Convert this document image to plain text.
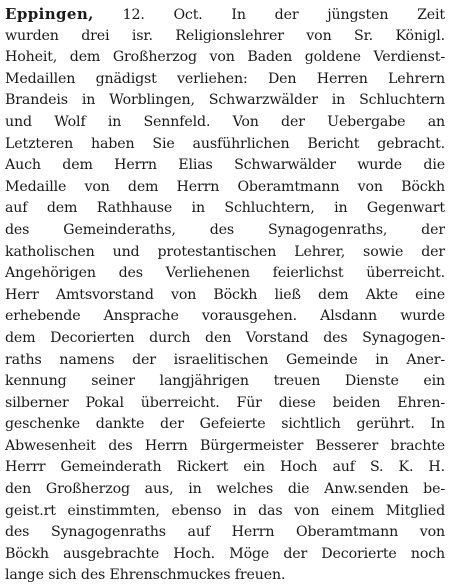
Eppingen, 12. Oct. In der jüngsten Zeit
wurden drei isr. Religionslehrer von Sr. Königl.
Hoheit, dem Großherzog von Baden goldene Verdienst-
Medaillen gnädigst verliehen: Den Herren Lehrern
Brandeis in Worblingen, Schwarzwälder in Schluchtern
und Wolf in Sennfeld. Von der Uebergabe an
Letzteren haben Sie ausführlichen Bericht gebracht.
Auch dem Herrn Elias Schwarwälder wurde die
Medaille von dem Herrn Oberamtmann von Böckh
auf dem Rathhause in Schluchtern, in Gegenwart
des Gemeinderaths, des Synagogenraths, der
katholischen und protestantischen Lehrer, sowie der
Angehörigen des Verliehenen feierlichst überreicht.
Herr Amtsvorstand von Böckh ließ dem Akte eine
erhebende Ansprache vorausgehen. Alsdann wurde
dem Decorierten durch den Vorstand des Synagogen-
raths namens der israelitischen Gemeinde in Aner-
kennung seiner langjährigen treuen Dienste ein
silberner Pokal überreicht. Für diese beiden Ehren-
geschenke dankte der Gefeierte sichtlich gerührt. In
Abwesenheit des Herrn Bürgermeister Besserer brachte
Herrr Gemeinderath Rickert ein Hoch auf S. K. H.
den Großherzog aus, in welches die Anw.senden be-
geist.rt einstimmten, ebenso in das von einem Mitglied
des Synagogenraths auf Herrn Oberamtmann von
Böckh ausgebrachte Hoch. Möge der Decorierte noch
lange sich des Ehrenschmuckes freuen.
